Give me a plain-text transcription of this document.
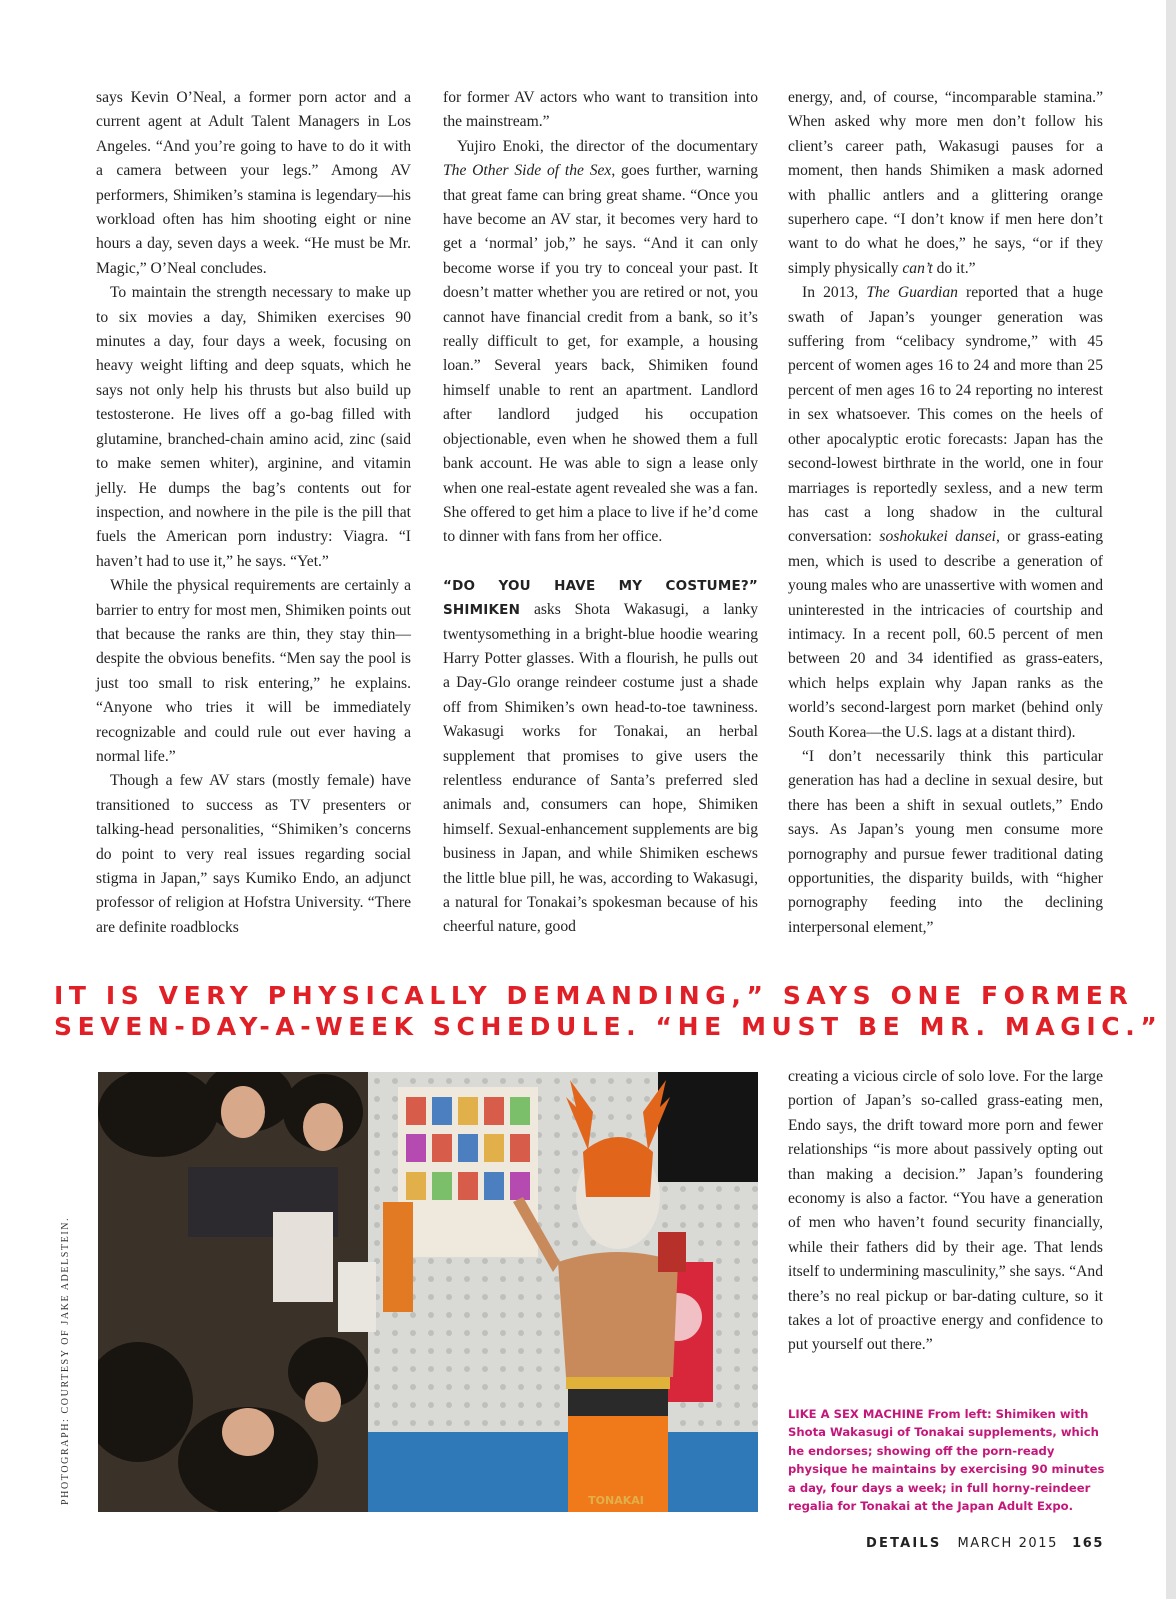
says Kevin O’Neal, a former porn actor and a current agent at Adult Talent Managers in Los Angeles. “And you’re going to have to do it with a camera between your legs.” Among AV performers, Shimiken’s stamina is legendary—his workload often has him shooting eight or nine hours a day, seven days a week. “He must be Mr. Magic,” O’Neal concludes.

To maintain the strength necessary to make up to six movies a day, Shimiken exercises 90 minutes a day, four days a week, focusing on heavy weight lifting and deep squats, which he says not only help his thrusts but also build up testosterone. He lives off a go-bag filled with glutamine, branched-chain amino acid, zinc (said to make semen whiter), arginine, and vitamin jelly. He dumps the bag’s contents out for inspection, and nowhere in the pile is the pill that fuels the American porn industry: Viagra. “I haven’t had to use it,” he says. “Yet.”

While the physical requirements are certainly a barrier to entry for most men, Shimiken points out that because the ranks are thin, they stay thin—despite the obvious benefits. “Men say the pool is just too small to risk entering,” he explains. “Anyone who tries it will be immediately recognizable and could rule out ever having a normal life.”

Though a few AV stars (mostly female) have transitioned to success as TV presenters or talking-head personalities, “Shimiken’s concerns do point to very real issues regarding social stigma in Japan,” says Kumiko Endo, an adjunct professor of religion at Hofstra University. “There are definite roadblocks

for former AV actors who want to transition into the mainstream.”

Yujiro Enoki, the director of the documentary The Other Side of the Sex, goes further, warning that great fame can bring great shame. “Once you have become an AV star, it becomes very hard to get a ‘normal’ job,” he says. “And it can only become worse if you try to conceal your past. It doesn’t matter whether you are retired or not, you cannot have financial credit from a bank, so it’s really difficult to get, for example, a housing loan.” Several years back, Shimiken found himself unable to rent an apartment. Landlord after landlord judged his occupation objectionable, even when he showed them a full bank account. He was able to sign a lease only when one real-estate agent revealed she was a fan. She offered to get him a place to live if he’d come to dinner with fans from her office.

“DO YOU HAVE MY COSTUME?” SHIMIKEN asks Shota Wakasugi, a lanky twentysomething in a bright-blue hoodie wearing Harry Potter glasses. With a flourish, he pulls out a Day-Glo orange reindeer costume just a shade off from Shimiken’s own head-to-toe tawniness. Wakasugi works for Tonakai, an herbal supplement that promises to give users the relentless endurance of Santa’s preferred sled animals and, consumers can hope, Shimiken himself. Sexual-enhancement supplements are big business in Japan, and while Shimiken eschews the little blue pill, he was, according to Wakasugi, a natural for Tonakai’s spokesman because of his cheerful nature, good

energy, and, of course, “incomparable stamina.” When asked why more men don’t follow his client’s career path, Wakasugi pauses for a moment, then hands Shimiken a mask adorned with phallic antlers and a glittering orange superhero cape. “I don’t know if men here don’t want to do what he does,” he says, “or if they simply physically can’t do it.”

In 2013, The Guardian reported that a huge swath of Japan’s younger generation was suffering from “celibacy syndrome,” with 45 percent of women ages 16 to 24 and more than 25 percent of men ages 16 to 24 reporting no interest in sex whatsoever. This comes on the heels of other apocalyptic erotic forecasts: Japan has the second-lowest birthrate in the world, one in four marriages is reportedly sexless, and a new term has cast a long shadow in the cultural conversation: soshokukei dansei, or grass-eating men, which is used to describe a generation of young males who are unassertive with women and uninterested in the intricacies of courtship and intimacy. In a recent poll, 60.5 percent of men between 20 and 34 identified as grass-eaters, which helps explain why Japan ranks as the world’s second-largest porn market (behind only South Korea—the U.S. lags at a distant third).

“I don’t necessarily think this particular generation has had a decline in sexual desire, but there has been a shift in sexual outlets,” Endo says. As Japan’s young men consume more pornography and pursue fewer traditional dating opportunities, the disparity builds, with “higher pornography feeding into the declining interpersonal element,”

IT IS VERY PHYSICALLY DEMANDING,” SAYS ONE FORMER
SEVEN-DAY-A-WEEK SCHEDULE. “HE MUST BE MR. MAGIC.”
TONAKAI
PHOTOGRAPH: COURTESY OF JAKE ADELSTEIN.

creating a vicious circle of solo love. For the large portion of Japan’s so-called grass-eating men, Endo says, the drift toward more porn and fewer relationships “is more about passively opting out than making a decision.” Japan’s foundering economy is also a factor. “You have a generation of men who haven’t found security financially, while their fathers did by their age. That lends itself to undermining masculinity,” she says. “And there’s no real pickup or bar-dating culture, so it takes a lot of proactive energy and confidence to put yourself out there.”

LIKE A SEX MACHINE From left: Shimiken with Shota Wakasugi of Tonakai supplements, which he endorses; showing off the porn-ready physique he maintains by exercising 90 minutes a day, four days a week; in full horny-reindeer regalia for Tonakai at the Japan Adult Expo.
DETAILS MARCH 2015 165
